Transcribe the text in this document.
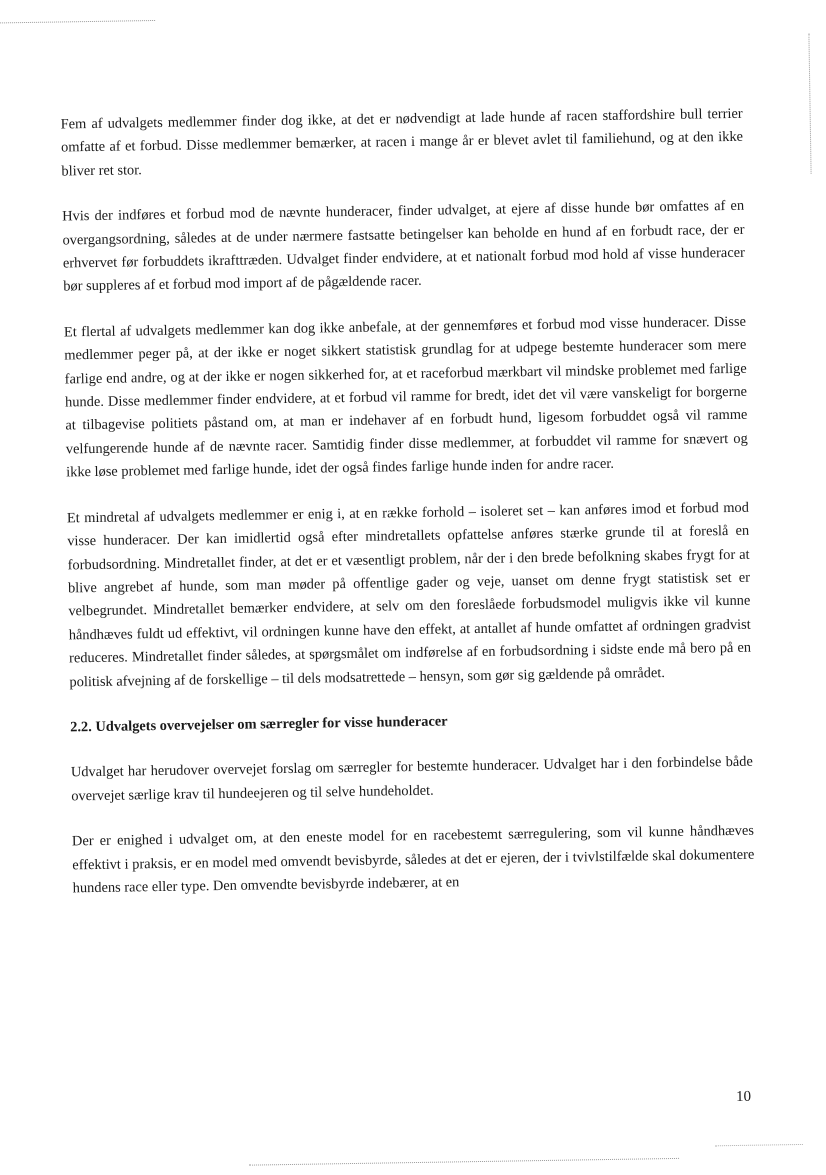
Fem af udvalgets medlemmer finder dog ikke, at det er nødvendigt at lade hunde af racen staffordshire bull terrier omfatte af et forbud. Disse medlemmer bemærker, at racen i mange år er blevet avlet til familiehund, og at den ikke bliver ret stor.

Hvis der indføres et forbud mod de nævnte hunderacer, finder udvalget, at ejere af disse hunde bør omfattes af en overgangsordning, således at de under nærmere fastsatte betingelser kan beholde en hund af en forbudt race, der er erhvervet før forbuddets ikrafttræden. Udvalget finder endvidere, at et nationalt forbud mod hold af visse hunderacer bør suppleres af et forbud mod import af de pågældende racer.

Et flertal af udvalgets medlemmer kan dog ikke anbefale, at der gennemføres et forbud mod visse hunderacer. Disse medlemmer peger på, at der ikke er noget sikkert statistisk grundlag for at udpege bestemte hunderacer som mere farlige end andre, og at der ikke er nogen sikkerhed for, at et raceforbud mærkbart vil mindske problemet med farlige hunde. Disse medlemmer finder endvidere, at et forbud vil ramme for bredt, idet det vil være vanskeligt for borgerne at tilbagevise politiets påstand om, at man er indehaver af en forbudt hund, ligesom forbuddet også vil ramme velfungerende hunde af de nævnte racer. Samtidig finder disse medlemmer, at forbuddet vil ramme for snævert og ikke løse problemet med farlige hunde, idet der også findes farlige hunde inden for andre racer.

Et mindretal af udvalgets medlemmer er enig i, at en række forhold – isoleret set – kan anføres imod et forbud mod visse hunderacer. Der kan imidlertid også efter mindretallets opfattelse anføres stærke grunde til at foreslå en forbudsordning. Mindretallet finder, at det er et væsentligt problem, når der i den brede befolkning skabes frygt for at blive angrebet af hunde, som man møder på offentlige gader og veje, uanset om denne frygt statistisk set er velbegrundet. Mindretallet bemærker endvidere, at selv om den foreslåede forbudsmodel muligvis ikke vil kunne håndhæves fuldt ud effektivt, vil ordningen kunne have den effekt, at antallet af hunde omfattet af ordningen gradvist reduceres. Mindretallet finder således, at spørgsmålet om indførelse af en forbudsordning i sidste ende må bero på en politisk afvejning af de forskellige – til dels modsatrettede – hensyn, som gør sig gældende på området.

2.2. Udvalgets overvejelser om særregler for visse hunderacer

Udvalget har herudover overvejet forslag om særregler for bestemte hunderacer. Udvalget har i den forbindelse både overvejet særlige krav til hundeejeren og til selve hundeholdet.

Der er enighed i udvalget om, at den eneste model for en racebestemt særregulering, som vil kunne håndhæves effektivt i praksis, er en model med omvendt bevisbyrde, således at det er ejeren, der i tvivlstilfælde skal dokumentere hundens race eller type. Den omvendte bevisbyrde indebærer, at en

10
